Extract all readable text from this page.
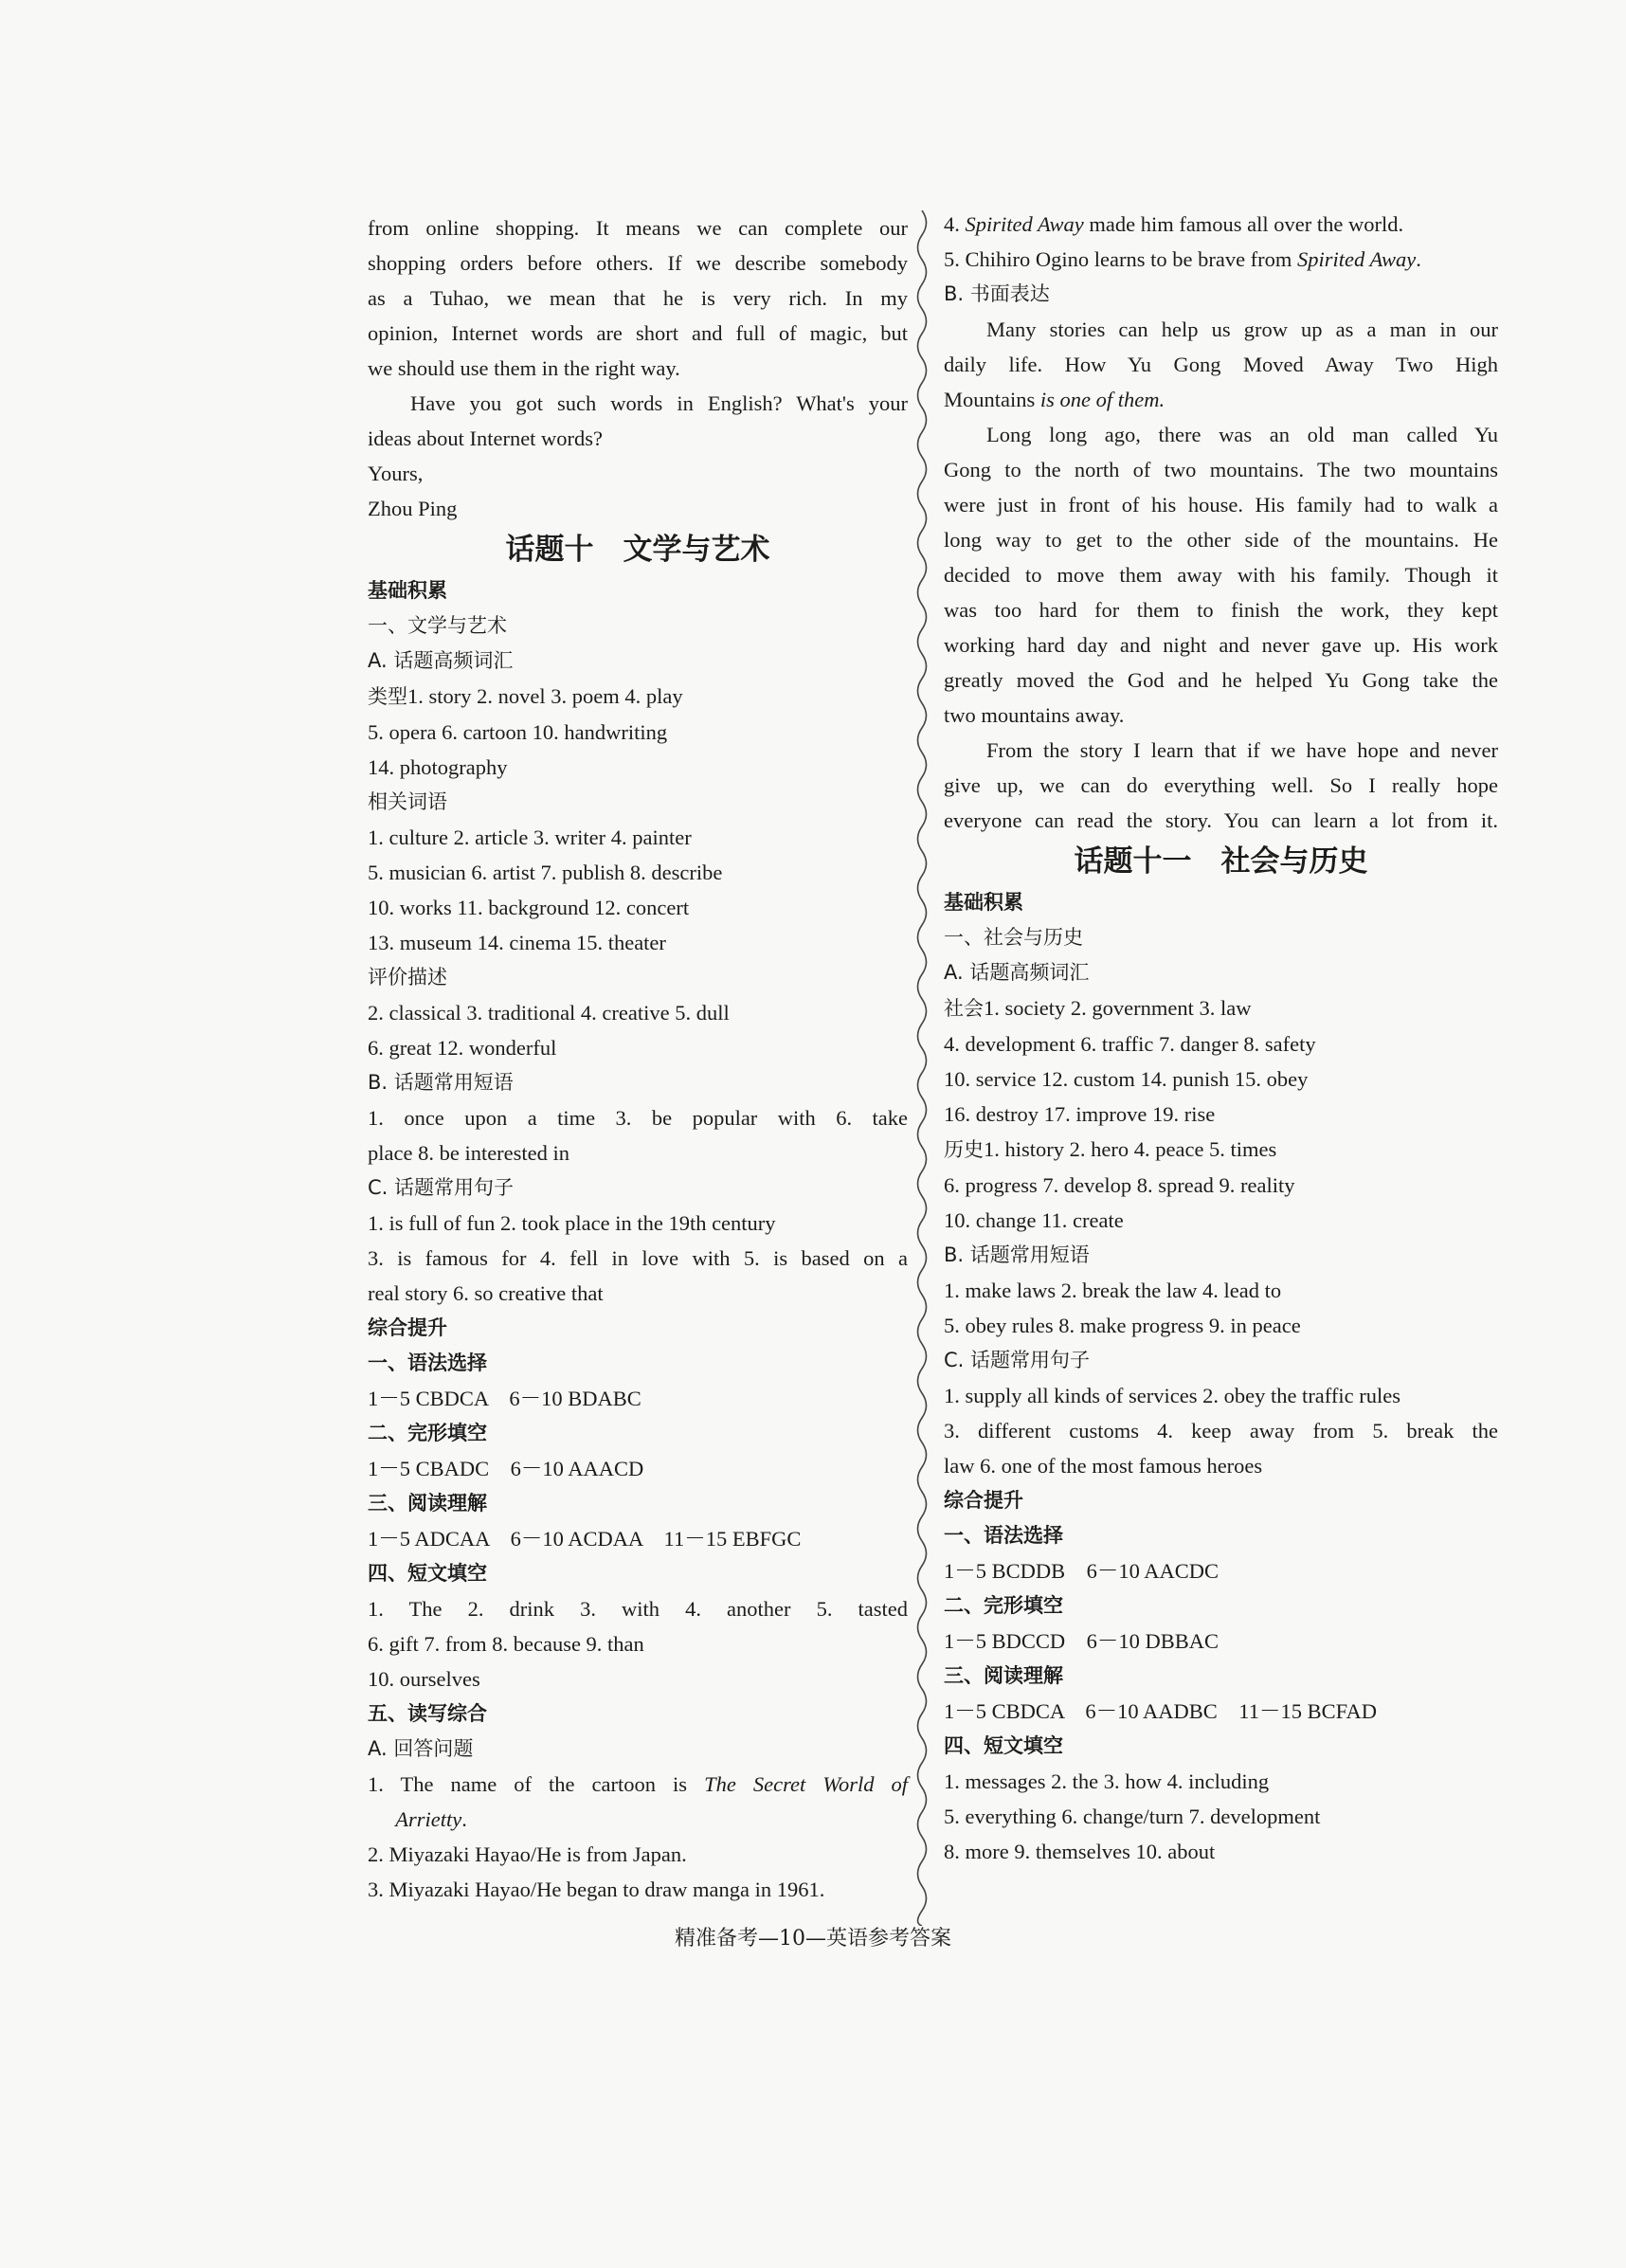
from online shopping. It means we can complete our
shopping orders before others. If we describe somebody
as a Tuhao, we mean that he is very rich. In my
opinion, Internet words are short and full of magic, but
we should use them in the right way.
Have you got such words in English? What's your
ideas about Internet words?
Yours,
Zhou Ping
话题十　文学与艺术
基础积累
一、文学与艺术
A. 话题高频词汇
类型1. story 2. novel 3. poem 4. play
5. opera 6. cartoon 10. handwriting
14. photography
相关词语
1. culture 2. article 3. writer 4. painter
5. musician 6. artist 7. publish 8. describe
10. works 11. background 12. concert
13. museum 14. cinema 15. theater
评价描述
2. classical 3. traditional 4. creative 5. dull
6. great 12. wonderful
B. 话题常用短语
1. once upon a time 3. be popular with 6. take
place 8. be interested in
C. 话题常用句子
1. is full of fun 2. took place in the 19th century
3. is famous for 4. fell in love with 5. is based on a
real story 6. so creative that
综合提升
一、语法选择
1－5 CBDCA　6－10 BDABC
二、完形填空
1－5 CBADC　6－10 AAACD
三、阅读理解
1－5 ADCAA　6－10 ACDAA　11－15 EBFGC
四、短文填空
1. The 2. drink 3. with 4. another 5. tasted
6. gift 7. from 8. because 9. than
10. ourselves
五、读写综合
A. 回答问题
1. The name of the cartoon is The Secret World of
Arrietty.
2. Miyazaki Hayao/He is from Japan.
3. Miyazaki Hayao/He began to draw manga in 1961.
4. Spirited Away made him famous all over the world.
5. Chihiro Ogino learns to be brave from Spirited Away.
B. 书面表达
Many stories can help us grow up as a man in our
daily life. How Yu Gong Moved Away Two High
Mountains is one of them.
Long long ago, there was an old man called Yu
Gong to the north of two mountains. The two mountains
were just in front of his house. His family had to walk a
long way to get to the other side of the mountains. He
decided to move them away with his family. Though it
was too hard for them to finish the work, they kept
working hard day and night and never gave up. His work
greatly moved the God and he helped Yu Gong take the
two mountains away.
From the story I learn that if we have hope and never
give up, we can do everything well. So I really hope
everyone can read the story. You can learn a lot from it.
话题十一　社会与历史
基础积累
一、社会与历史
A. 话题高频词汇
社会1. society 2. government 3. law
4. development 6. traffic 7. danger 8. safety
10. service 12. custom 14. punish 15. obey
16. destroy 17. improve 19. rise
历史1. history 2. hero 4. peace 5. times
6. progress 7. develop 8. spread 9. reality
10. change 11. create
B. 话题常用短语
1. make laws 2. break the law 4. lead to
5. obey rules 8. make progress 9. in peace
C. 话题常用句子
1. supply all kinds of services 2. obey the traffic rules
3. different customs 4. keep away from 5. break the
law 6. one of the most famous heroes
综合提升
一、语法选择
1－5 BCDDB　6－10 AACDC
二、完形填空
1－5 BDCCD　6－10 DBBAC
三、阅读理解
1－5 CBDCA　6－10 AADBC　11－15 BCFAD
四、短文填空
1. messages 2. the 3. how 4. including
5. everything 6. change/turn 7. development
8. more 9. themselves 10. about
精准备考—10—英语参考答案
